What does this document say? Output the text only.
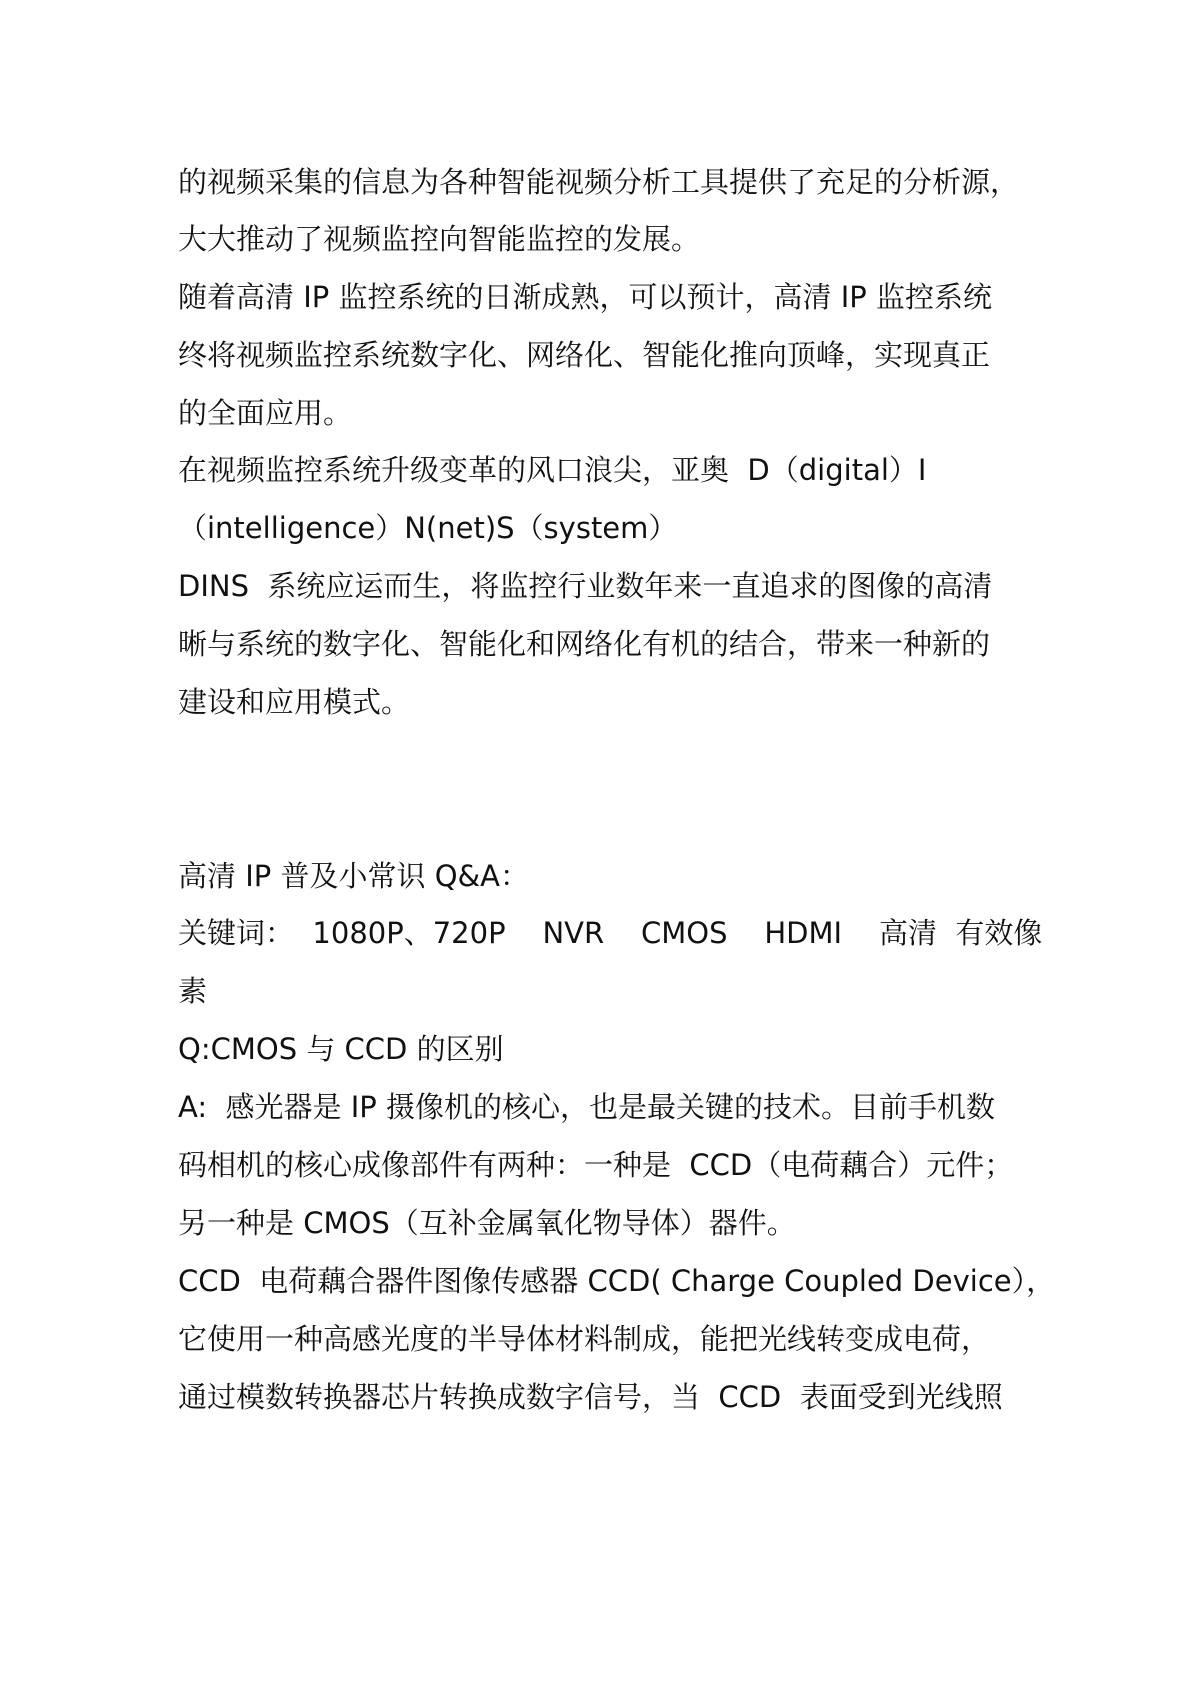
的视频采集的信息为各种智能视频分析工具提供了充足的分析源，
大大推动了视频监控向智能监控的发展。
随着高清 IP 监控系统的日渐成熟，可以预计，高清 IP 监控系统
终将视频监控系统数字化、网络化、智能化推向顶峰，实现真正
的全面应用。
在视频监控系统升级变革的风口浪尖，亚奥  D（digital）I
（intelligence）N(net)S（system）
DINS  系统应运而生，将监控行业数年来一直追求的图像的高清
晰与系统的数字化、智能化和网络化有机的结合，带来一种新的
建设和应用模式。
高清 IP 普及小常识 Q&A：
关键词：  1080P、720P    NVR    CMOS    HDMI    高清  有效像
素
Q:CMOS 与 CCD 的区别
A:  感光器是 IP 摄像机的核心，也是最关键的技术。目前手机数
码相机的核心成像部件有两种：一种是  CCD（电荷藕合）元件；
另一种是 CMOS（互补金属氧化物导体）器件。
CCD  电荷藕合器件图像传感器 CCD( Charge Coupled Device），
它使用一种高感光度的半导体材料制成，能把光线转变成电荷，
通过模数转换器芯片转换成数字信号，当  CCD  表面受到光线照
